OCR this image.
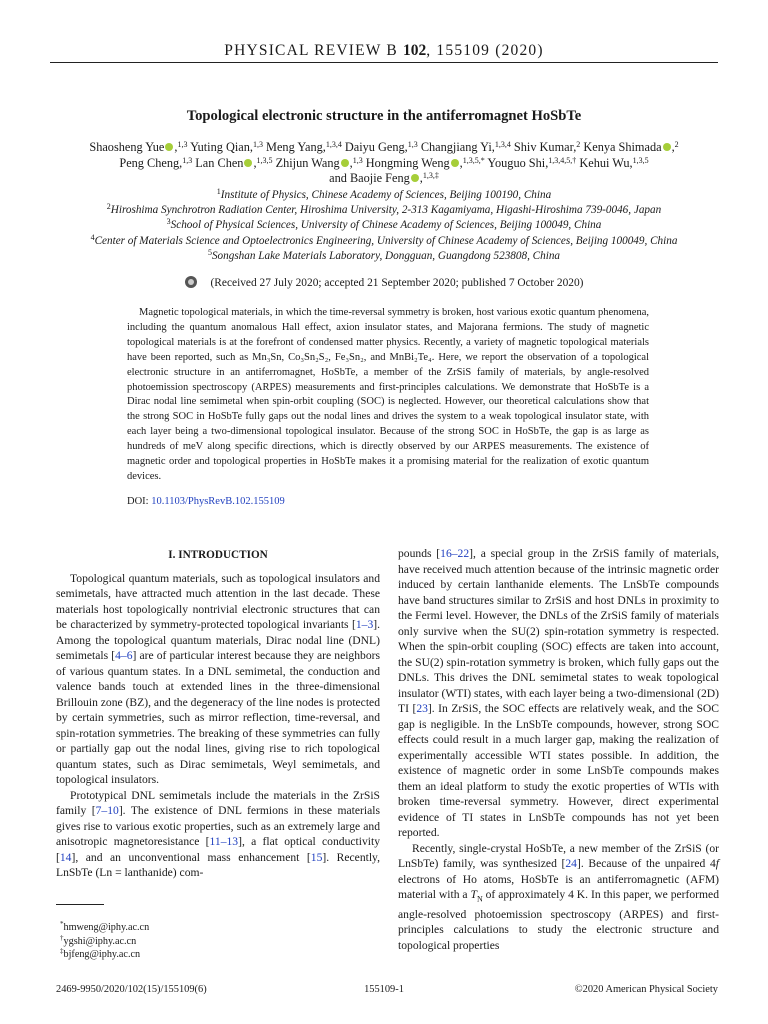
PHYSICAL REVIEW B 102, 155109 (2020)
Topological electronic structure in the antiferromagnet HoSbTe
Shaosheng Yue ,$^{1,3}$ Yuting Qian,$^{1,3}$ Meng Yang,$^{1,3,4}$ Daiyu Geng,$^{1,3}$ Changjiang Yi,$^{1,3,4}$ Shiv Kumar,$^2$ Kenya Shimada ,$^2$
Peng Cheng,$^{1,3}$ Lan Chen ,$^{1,3,5}$ Zhijun Wang ,$^{1,3}$ Hongming Weng ,$^{1,3,5,*}$ Youguo Shi,$^{1,3,4,5,\dagger}$ Kehui Wu,$^{1,3,5}$
and Baojie Feng ,$^{1,3,\ddagger}$
$^1$Institute of Physics, Chinese Academy of Sciences, Beijing 100190, China
$^2$Hiroshima Synchrotron Radiation Center, Hiroshima University, 2-313 Kagamiyama, Higashi-Hiroshima 739-0046, Japan
$^3$School of Physical Sciences, University of Chinese Academy of Sciences, Beijing 100049, China
$^4$Center of Materials Science and Optoelectronics Engineering, University of Chinese Academy of Sciences, Beijing 100049, China
$^5$Songshan Lake Materials Laboratory, Dongguan, Guangdong 523808, China
(Received 27 July 2020; accepted 21 September 2020; published 7 October 2020)
Magnetic topological materials, in which the time-reversal symmetry is broken, host various exotic quantum phenomena, including the quantum anomalous Hall effect, axion insulator states, and Majorana fermions. The study of magnetic topological materials is at the forefront of condensed matter physics. Recently, a variety of magnetic topological materials have been reported, such as Mn₃Sn, Co₃Sn₂S₂, Fe₃Sn₂, and MnBi₂Te₄. Here, we report the observation of a topological electronic structure in an antiferromagnet, HoSbTe, a member of the ZrSiS family of materials, by angle-resolved photoemission spectroscopy (ARPES) measurements and first-principles calculations. We demonstrate that HoSbTe is a Dirac nodal line semimetal when spin-orbit coupling (SOC) is neglected. However, our theoretical calculations show that the strong SOC in HoSbTe fully gaps out the nodal lines and drives the system to a weak topological insulator state, with each layer being a two-dimensional topological insulator. Because of the strong SOC in HoSbTe, the gap is as large as hundreds of meV along specific directions, which is directly observed by our ARPES measurements. The existence of magnetic order and topological properties in HoSbTe makes it a promising material for the realization of exotic quantum devices.
DOI: 10.1103/PhysRevB.102.155109
I. INTRODUCTION

Topological quantum materials, such as topological insulators and semimetals, have attracted much attention in the last decade. These materials host topologically nontrivial electronic structures that can be characterized by symmetry-protected topological invariants [1–3]. Among the topological quantum materials, Dirac nodal line (DNL) semimetals [4–6] are of particular interest because they are neighbors of various quantum states. In a DNL semimetal, the conduction and valence bands touch at extended lines in the three-dimensional Brillouin zone (BZ), and the degeneracy of the line nodes is protected by certain symmetries, such as mirror reflection, time-reversal, and spin-rotation symmetries. The breaking of these symmetries can fully or partially gap out the nodal lines, giving rise to rich topological quantum states, such as Dirac semimetals, Weyl semimetals, and topological insulators.

Prototypical DNL semimetals include the materials in the ZrSiS family [7–10]. The existence of DNL fermions in these materials gives rise to various exotic properties, such as an extremely large and anisotropic magnetoresistance [11–13], a flat optical conductivity [14], and an unconventional mass enhancement [15]. Recently, LnSbTe (Ln = lanthanide) com-

pounds [16–22], a special group in the ZrSiS family of materials, have received much attention because of the intrinsic magnetic order induced by certain lanthanide elements. The LnSbTe compounds have band structures similar to ZrSiS and host DNLs in proximity to the Fermi level. However, the DNLs of the ZrSiS family of materials only survive when the SU(2) spin-rotation symmetry is respected. When the spin-orbit coupling (SOC) effects are taken into account, the SU(2) spin-rotation symmetry is broken, which fully gaps out the DNLs. This drives the DNL semimetal states to weak topological insulator (WTI) states, with each layer being a two-dimensional (2D) TI [23]. In ZrSiS, the SOC effects are relatively weak, and the SOC gap is negligible. In the LnSbTe compounds, however, strong SOC effects could result in a much larger gap, making the realization of experimentally accessible WTI states possible. In addition, the existence of magnetic order in some LnSbTe compounds makes them an ideal platform to study the exotic properties of WTIs with broken time-reversal symmetry. However, direct experimental evidence of TI states in LnSbTe compounds has not yet been reported.

Recently, single-crystal HoSbTe, a new member of the ZrSiS (or LnSbTe) family, was synthesized [24]. Because of the unpaired 4f electrons of Ho atoms, HoSbTe is an antiferromagnetic (AFM) material with a $T_N$ of approximately 4 K. In this paper, we performed angle-resolved photoemission spectroscopy (ARPES) and first-principles calculations to study the electronic structure and topological properties

*hmweng@iphy.ac.cn
†ygshi@iphy.ac.cn
‡bjfeng@iphy.ac.cn
2469-9950/2020/102(15)/155109(6)	155109-1	©2020 American Physical Society
